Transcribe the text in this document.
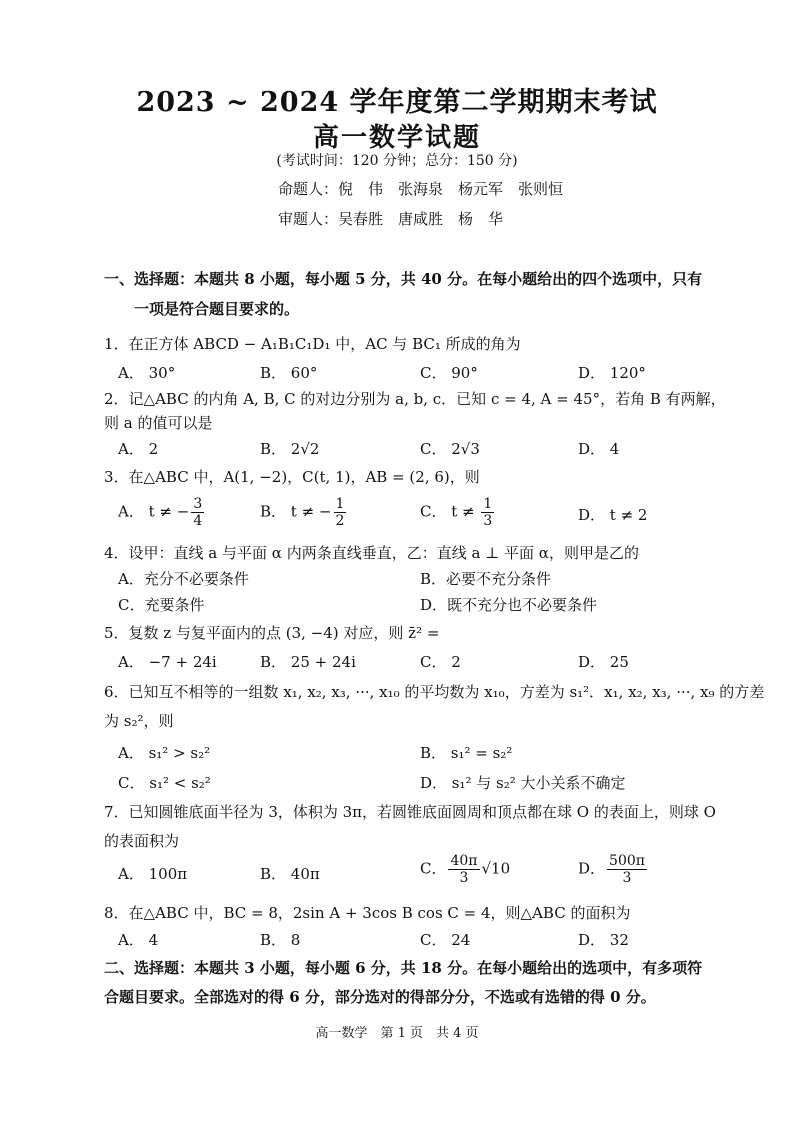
2023 ~ 2024 学年度第二学期期末考试
高一数学试题
(考试时间：120 分钟；总分：150 分)
命题人：倪　伟　张海泉　杨元军　张则恒
审题人：吴春胜　唐咸胜　杨　华
一、选择题：本题共 8 小题，每小题 5 分，共 40 分。在每小题给出的四个选项中，只有
一项是符合题目要求的。
1．在正方体 ABCD − A₁B₁C₁D₁ 中，AC 与 BC₁ 所成的角为
A． 30°	B． 60°	C． 90°	D． 120°
2．记△ABC 的内角 A, B, C 的对边分别为 a, b, c．已知 c = 4, A = 45°，若角 B 有两解，
则 a 的值可以是
A． 2	B． 2√2	C． 2√3	D． 4
3．在△ABC 中，A(1, −2)，C(t, 1)，AB = (2, 6)，则
A． t ≠ − $\frac{3}{4}$	B． t ≠ − $\frac{1}{2}$	C． $t \ne \frac{1}{3}$	D． t ≠ 2
4．设甲：直线 a 与平面 α 内两条直线垂直，乙：直线 a ⊥ 平面 α，则甲是乙的
A．充分不必要条件	B．必要不充分条件
C．充要条件	D．既不充分也不必要条件
5．复数 z 与复平面内的点 (3, −4) 对应，则 z̄² =
A． −7 + 24i	B． 25 + 24i	C． 2	D． 25
6．已知互不相等的一组数 x₁, x₂, x₃, ···, x₁₀ 的平均数为 x₁₀，方差为 s₁²．x₁, x₂, x₃, ···, x₉ 的方差
为 s₂²，则
A． s₁² > s₂²	B． s₁² = s₂²
C． s₁² < s₂²	D． s₁² 与 s₂² 大小关系不确定
7．已知圆锥底面半径为 3，体积为 3π，若圆锥底面圆周和顶点都在球 O 的表面上，则球 O
的表面积为
A． 100π	B． 40π	C． $\frac{40\pi}{3} √10$	D． $\frac{500\pi}{3}$
8．在△ABC 中，BC = 8，2sin A + 3cos B cos C = 4，则△ABC 的面积为
A． 4	B． 8	C． 24	D． 32
二、选择题：本题共 3 小题，每小题 6 分，共 18 分。在每小题给出的选项中，有多项符
合题目要求。全部选对的得 6 分，部分选对的得部分分，不选或有选错的得 0 分。
高一数学　第 1 页　共 4 页
